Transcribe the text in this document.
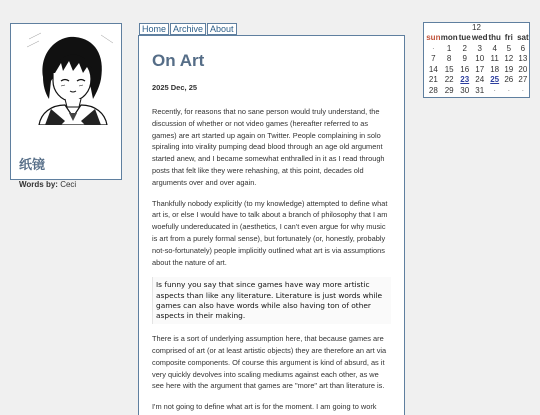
纸镜
Words by: Ceci
Home Archive About
On Art

2025 Dec, 25

Recently, for reasons that no sane person would truly understand, the discussion of whether or not video games (hereafter referred to as games) are art started up again on Twitter. People complaining in solo spiraling into virality pumping dead blood through an age old argument started anew, and I became somewhat enthralled in it as I read through posts that felt like they were rehashing, at this point, decades old arguments over and over again.

Thankfully nobody explicitly (to my knowledge) attempted to define what art is, or else I would have to talk about a branch of philosophy that I am woefully undereducated in (aesthetics, I can't even argue for why music is art from a purely formal sense), but fortunately (or, honestly, probably not-so-fortunately) people implicitly outlined what art is via assumptions about the nature of art.

Is funny you say that since games have way more artistic aspects than like any literature. Literature is just words while games can also have words while also having ton of other aspects in their making.

There is a sort of underlying assumption here, that because games are comprised of art (or at least artistic objects) they are therefore an art via composite components. Of course this argument is kind of absurd, as it very quickly devolves into scaling mediums against each other, as we see here with the argument that games are "more" art than literature is.

I'm not going to define what art is for the moment. I am going to work

12
sun	mon	tue	wed	thu	fri	sat
·	1	2	3	4	5	6
7	8	9	10	11	12	13
14	15	16	17	18	19	20
21	22	23	24	25	26	27
28	29	30	31	·	·	·
